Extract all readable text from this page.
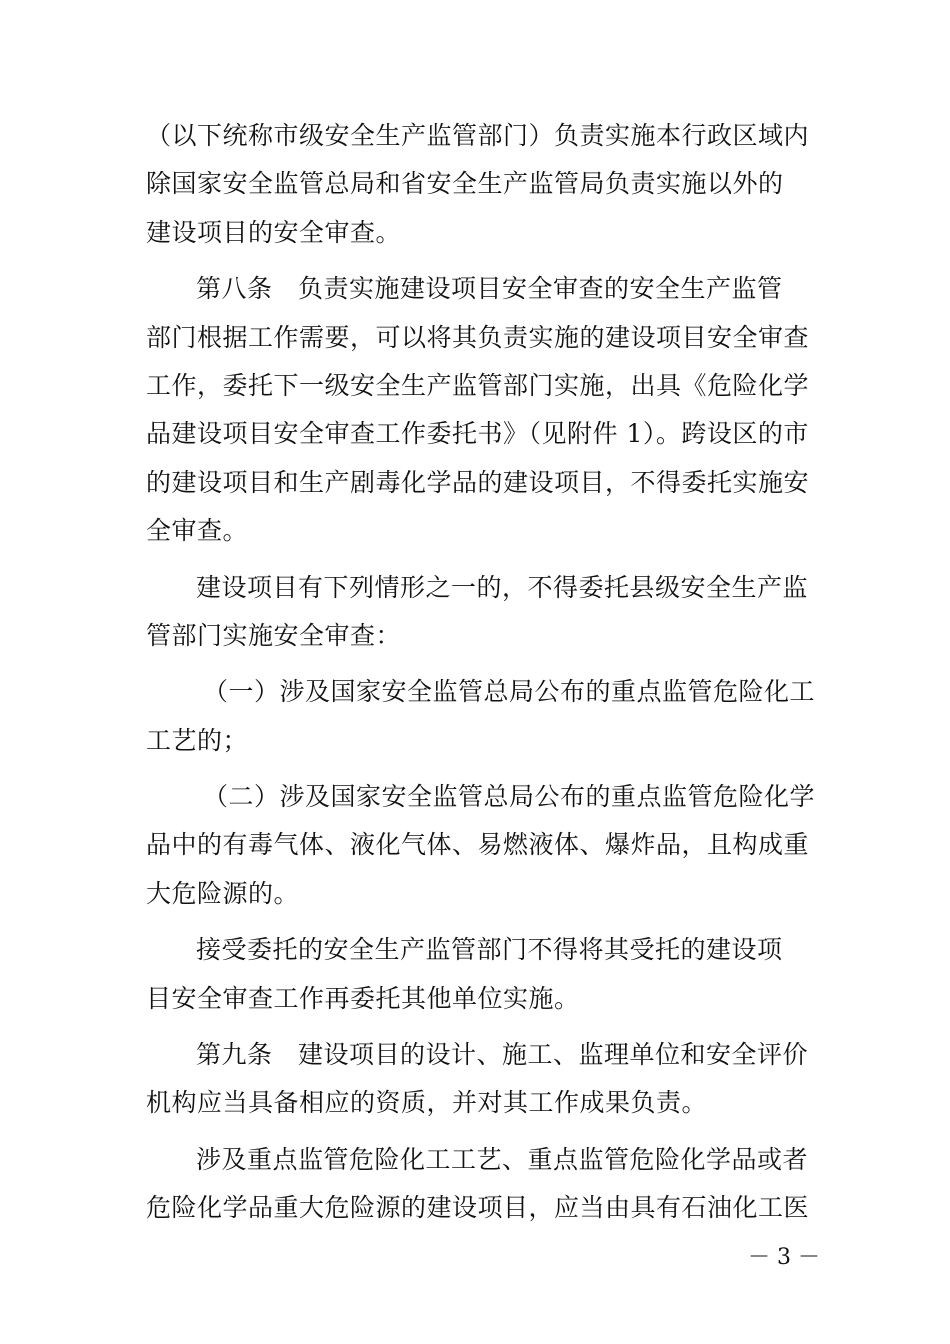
（以下统称市级安全生产监管部门）负责实施本行政区域内
除国家安全监管总局和省安全生产监管局负责实施以外的
建设项目的安全审查。
第八条　负责实施建设项目安全审查的安全生产监管
部门根据工作需要，可以将其负责实施的建设项目安全审查
工作，委托下一级安全生产监管部门实施，出具《危险化学
品建设项目安全审查工作委托书》（见附件 1）。跨设区的市
的建设项目和生产剧毒化学品的建设项目，不得委托实施安
全审查。
建设项目有下列情形之一的，不得委托县级安全生产监
管部门实施安全审查：
（一）涉及国家安全监管总局公布的重点监管危险化工
工艺的；
（二）涉及国家安全监管总局公布的重点监管危险化学
品中的有毒气体、液化气体、易燃液体、爆炸品，且构成重
大危险源的。
接受委托的安全生产监管部门不得将其受托的建设项
目安全审查工作再委托其他单位实施。
第九条　建设项目的设计、施工、监理单位和安全评价
机构应当具备相应的资质，并对其工作成果负责。
涉及重点监管危险化工工艺、重点监管危险化学品或者
危险化学品重大危险源的建设项目，应当由具有石油化工医
－ 3 －
